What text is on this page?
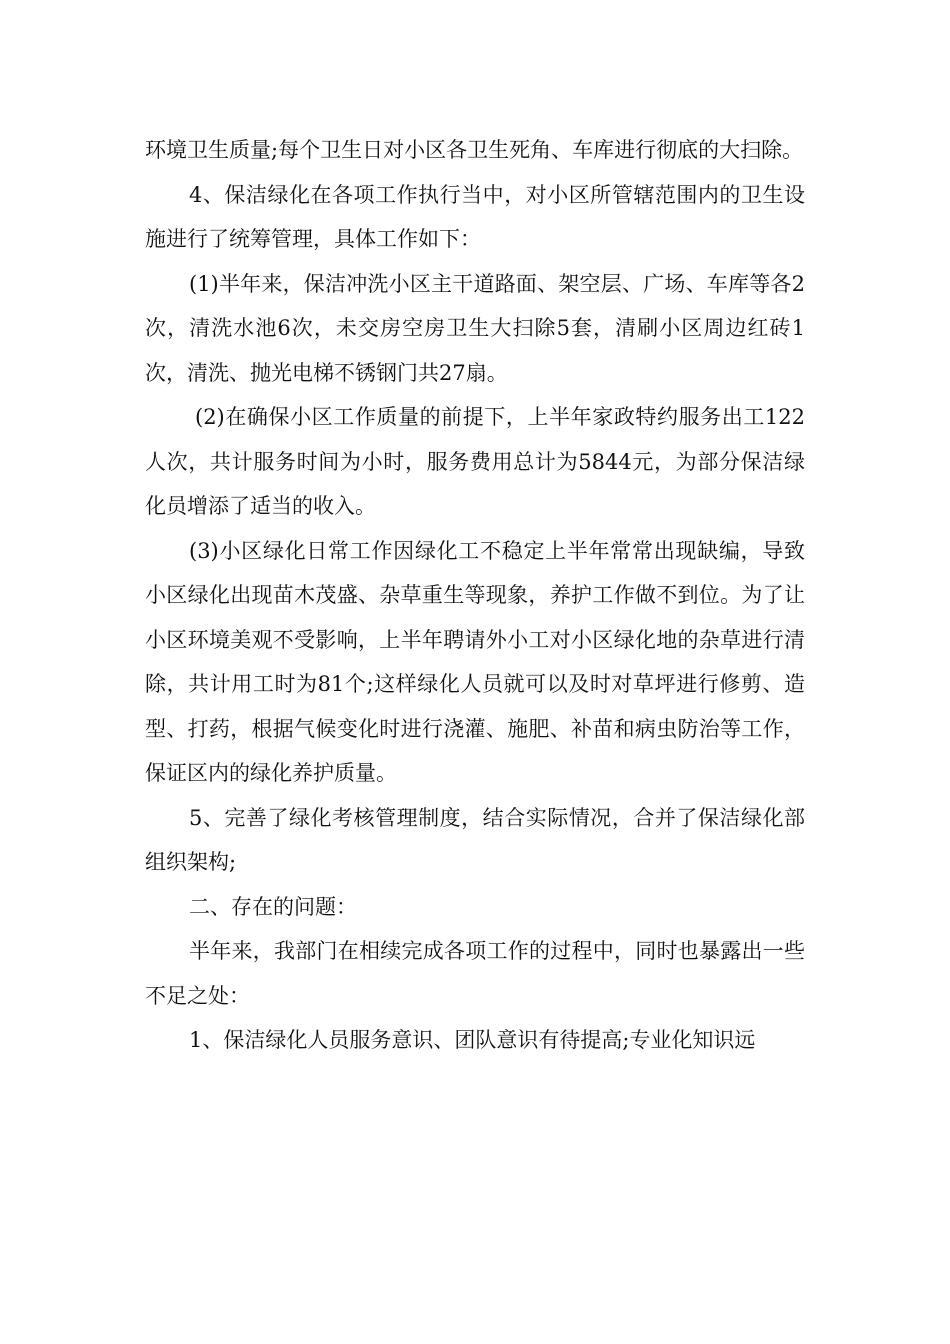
环境卫生质量;每个卫生日对小区各卫生死角、车库进行彻底的大扫除。

4、保洁绿化在各项工作执行当中，对小区所管辖范围内的卫生设施进行了统筹管理，具体工作如下：

(1)半年来，保洁冲洗小区主干道路面、架空层、广场、车库等各2次，清洗水池6次，未交房空房卫生大扫除5套，清刷小区周边红砖1次，清洗、抛光电梯不锈钢门共27扇。

(2)在确保小区工作质量的前提下，上半年家政特约服务出工122人次，共计服务时间为小时，服务费用总计为5844元，为部分保洁绿化员增添了适当的收入。

(3)小区绿化日常工作因绿化工不稳定上半年常常出现缺编，导致小区绿化出现苗木茂盛、杂草重生等现象，养护工作做不到位。为了让小区环境美观不受影响，上半年聘请外小工对小区绿化地的杂草进行清除，共计用工时为81个;这样绿化人员就可以及时对草坪进行修剪、造型、打药，根据气候变化时进行浇灌、施肥、补苗和病虫防治等工作，保证区内的绿化养护质量。

5、完善了绿化考核管理制度，结合实际情况，合并了保洁绿化部组织架构;

二、存在的问题：

半年来，我部门在相续完成各项工作的过程中，同时也暴露出一些不足之处：

1、保洁绿化人员服务意识、团队意识有待提高;专业化知识远
